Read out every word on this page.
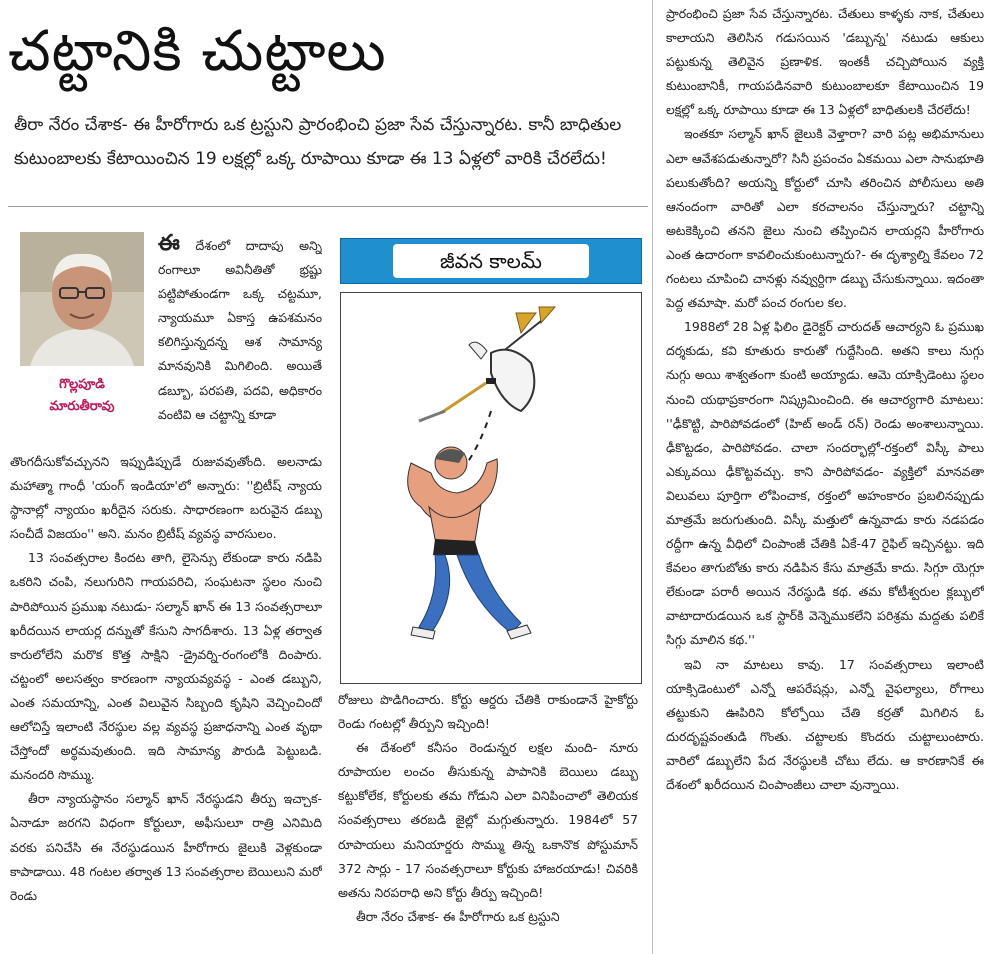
చట్టానికి చుట్టాలు
తీరా నేరం చేశాక- ఈ హీరోగారు ఒక ట్రస్టుని ప్రారంభించి ప్రజా సేవ చేస్తున్నారట. కానీ బాధితుల కుటుంబాలకు కేటాయించిన 19 లక్షల్లో ఒక్క రూపాయి కూడా ఈ 13 ఏళ్లలో వారికి చేరలేదు!
గొల్లపూడి
మారుతీరావు

ఈ దేశంలో దాదాపు అన్ని రంగాలూ అవినీతితో భ్రష్టు పట్టిపోతుండగా ఒక్క చట్టమూ, న్యాయమూ ఏకాస్త ఉపశమనం కలిగిస్తున్నదన్న ఆశ సామాన్య మానవునికి మిగిలింది. అయితే డబ్బూ, పరపతి, పదవి, అధికారం వంటివి ఆ చట్టాన్ని కూడా

తొంగదీసుకోవచ్చునని ఇప్పుడిప్పుడే రుజువవుతోంది. అలనాడు మహాత్మా గాంధీ 'యంగ్ ఇండియా'లో అన్నారు: ''బ్రిటీష్ న్యాయ స్థానాల్లో న్యాయం ఖరీదైన సరుకు. సాధారణంగా బరువైన డబ్బు సంచీదే విజయం'' అని. మనం బ్రిటీష్ వ్యవస్థ వారసులం.

13 సంవత్సరాల కిందట తాగి, లైసెన్సు లేకుండా కారు నడిపి ఒకరిని చంపి, నలుగురిని గాయపరిచి, సంఘటనా స్థలం నుంచి పారిపోయిన ప్రముఖ నటుడు- సల్మాన్ ఖాన్ ఈ 13 సంవత్సరాలూ ఖరీదయిన లాయర్ల దన్నుతో కేసుని సాగదీశారు. 13 ఏళ్ల తర్వాత కారులోలేని మరొక కొత్త సాక్షిని -డ్రైవర్ని-రంగంలోకి దింపారు. చట్టంలో అలసత్వం కారణంగా న్యాయవ్యవస్థ - ఎంత డబ్బుని, ఎంత సమయాన్ని, ఎంత విలువైన సిబ్బంది కృషిని వెచ్చించిందో ఆలోచిస్తే ఇలాంటి నేరస్థుల వల్ల వ్యవస్థ ప్రజాధనాన్ని ఎంత వృథా చేస్తోందో అర్థమవుతుంది. ఇది సామాన్య పౌరుడి పెట్టుబడి. మనందరి సొమ్ము.

తీరా న్యాయస్థానం సల్మాన్ ఖాన్ నేరస్థుడని తీర్పు ఇచ్చాక- ఏనాడూ జరగని విధంగా కోర్టులూ, అఫీసులూ రాత్రి ఎనిమిది వరకు పనిచేసి ఈ నేరస్థుడయిన హీరోగారు జైలుకి వెళ్లకుండా కాపాడాయి. 48 గంటల తర్వాత 13 సంవత్సరాల బెయిలుని మరో రెండు

జీవన కాలమ్

రోజులు పొడిగించారు. కోర్టు ఆర్డరు చేతికి రాకుండానే హైకోర్టు రెండు గంటల్లో తీర్పుని ఇచ్చింది!

ఈ దేశంలో కనీసం రెండున్నర లక్షల మంది- నూరు రూపాయల లంచం తీసుకున్న పాపానికి బెయిలు డబ్బు కట్టుకోలేక, కోర్టులకు తమ గోడుని ఎలా వినిపించాలో తెలియక సంవత్సరాలు తరబడి జైల్లో మగ్గుతున్నారు. 1984లో 57 రూపాయలు మనియార్డరు సొమ్ము తిన్న ఒకానొక పోస్టుమాన్ 372 సార్లు - 17 సంవత్సరాలూ కోర్టుకు హాజరయాడు! చివరికి అతను నిరపరాధి అని కోర్టు తీర్పు ఇచ్చింది!

తీరా నేరం చేశాక- ఈ హీరోగారు ఒక ట్రస్టుని

ప్రారంభించి ప్రజా సేవ చేస్తున్నారట. చేతులు కాళ్ళకు నాక, చేతులు కాలాయని తెలిసిన గడుసయిన 'డబ్బున్న' నటుడు ఆకులు పట్టుకున్న తెలివైన ప్రణాళిక. ఇంతకీ చచ్చిపోయిన వ్యక్తి కుటుంబానికీ, గాయపడినవారి కుటుంబాలకూ కేటాయించిన 19 లక్షల్లో ఒక్క రూపాయి కూడా ఈ 13 ఏళ్లలో బాధితులకి చేరలేదు!

ఇంతకూ సల్మాన్ ఖాన్ జైలుకి వెళ్తారా? వారి పట్ల అభిమానులు ఎలా ఆవేశపడుతున్నారో? సినీ ప్రపంచం ఏకమయి ఎలా సానుభూతి పలుకుతోంది? అయన్ని కోర్టులో చూసి తరించిన పోలీసులు అతి ఆనందంగా వారితో ఎలా కరచాలనం చేస్తున్నారు? చట్టాన్ని అటకెక్కించి తనని జైలు నుంచి తప్పించిన లాయర్లని హీరోగారు ఎంత ఉదారంగా కావలించుకుంటున్నారు?- ఈ దృశ్యాల్ని కేవలం 72 గంటలు చూపించి చానళ్లు నవ్వుర్దిగా డబ్బు చేసుకున్నాయి. ఇదంతా పెద్ద తమాషా. మరో పంచ రంగుల కల.

1988లో 28 ఏళ్ల ఫిలిం డైరెక్టర్ చారుదత్ ఆచార్యని ఓ ప్రముఖ దర్శకుడు, కవి కూతురు కారుతో గుద్దేసింది. అతని కాలు నుగ్గు నుగ్గు అయి శాశ్వతంగా కుంటి అయ్యాడు. ఆమె యాక్సిడెంటు స్థలం నుంచి యథాప్రకారంగా నిష్క్రమించింది. ఈ ఆచార్యగారి మాటలు: ''ఢీకొట్టి, పారిపోవడంలో (హిట్ అండ్ రన్) రెండు అంశాలున్నాయి. ఢీకొట్టడం, పారిపోవడం. చాలా సందర్భాల్లో-రక్తంలో విస్కీ పాలు ఎక్కువయి ఢీకొట్టవచ్చు. కాని పారిపోవడం- వ్యక్తిలో మానవతా విలువలు పూర్తిగా లోపించాక, రక్తంలో అహంకారం ప్రబలినప్పుడు మాత్రమే జరుగుతుంది. విస్కీ మత్తులో ఉన్నవాడు కారు నడపడం రద్దీగా ఉన్న వీధిలో చింపాంజీ చేతికి ఏకే-47 రైఫిల్ ఇచ్చినట్టు. ఇది కేవలం తాగుబోతు కారు నడిపిన కేసు మాత్రమే కాదు. సిగ్గూ యెగ్గూ లేకుండా పరారీ అయిన నేరస్థుడి కథ. తమ కోటీశ్వరుల క్లబ్బులో వాటాదారుడయిన ఒక స్టార్‌కి వెన్నెముకలేని పరిశ్రమ మద్దతు పలికే సిగ్గు మాలిన కథ.''

ఇవి నా మాటలు కావు. 17 సంవత్సరాలు ఇలాంటి యాక్సిడెంటులో ఎన్నో ఆపరేషన్లు, ఎన్నో వైఫల్యాలు, రోగాలు తట్టుకుని ఊపిరిని కోల్పోయి చేతి కర్రతో మిగిలిన ఓ దురదృష్టవంతుడి గొంతు. చట్టాలకు కొందరు చుట్టాలుంటారు. వారిలో డబ్బులేని పేద నేరస్థులకి చోటు లేదు. ఆ కారణానికే ఈ దేశంలో ఖరీదయిన చింపాంజీలు చాలా వున్నాయి.
